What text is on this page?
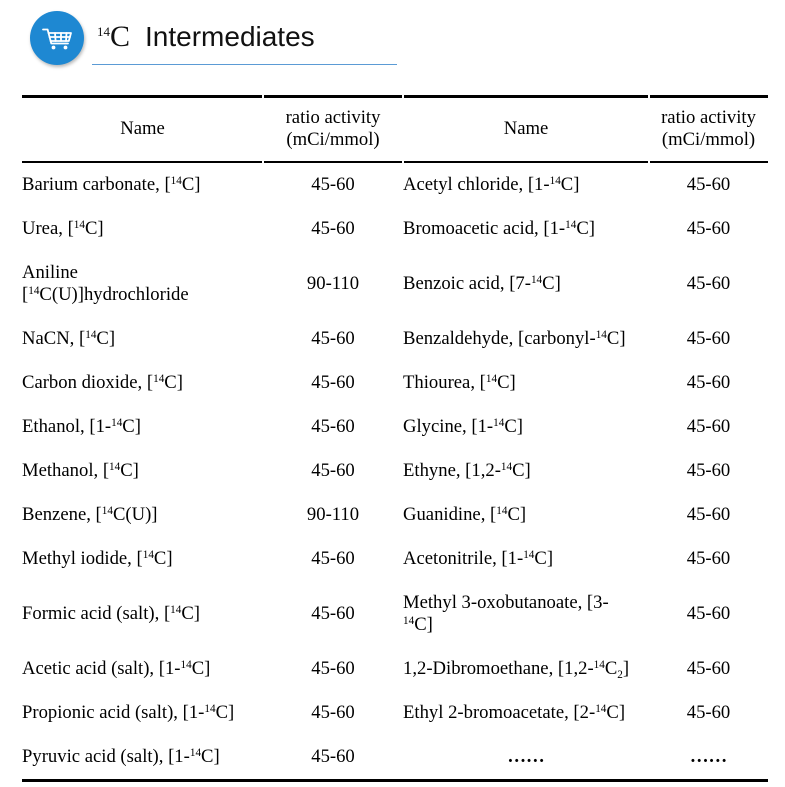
$^{14}$C Intermediates
Name	ratio activity (mCi/mmol)	Name	ratio activity (mCi/mmol)

Barium carbonate, [$^{14}$C]	45-60	Acetyl chloride, [1-$^{14}$C]	45-60

Urea, [$^{14}$C]	45-60	Bromoacetic acid, [1-$^{14}$C]	45-60

Aniline [$^{14}$C(U)]hydrochloride	90-110	Benzoic acid, [7-$^{14}$C]	45-60

NaCN, [$^{14}$C]	45-60	Benzaldehyde, [carbonyl-$^{14}$C]	45-60

Carbon dioxide, [$^{14}$C]	45-60	Thiourea, [$^{14}$C]	45-60

Ethanol, [1-$^{14}$C]	45-60	Glycine, [1-$^{14}$C]	45-60

Methanol, [$^{14}$C]	45-60	Ethyne, [1,2-$^{14}$C]	45-60

Benzene, [$^{14}$C(U)]	90-110	Guanidine, [$^{14}$C]	45-60

Methyl iodide, [$^{14}$C]	45-60	Acetonitrile, [1-$^{14}$C]	45-60

Formic acid (salt), [$^{14}$C]	45-60	Methyl 3-oxobutanoate, [3-$^{14}$C]	45-60

Acetic acid (salt), [1-$^{14}$C]	45-60	1,2-Dibromoethane, $[1,2-^{14}C_2]$	45-60

Propionic acid (salt), [1-$^{14}$C]	45-60	Ethyl 2-bromoacetate, [2-$^{14}$C]	45-60

Pyruvic acid (salt), [1-$^{14}$C]	45-60	……	……
